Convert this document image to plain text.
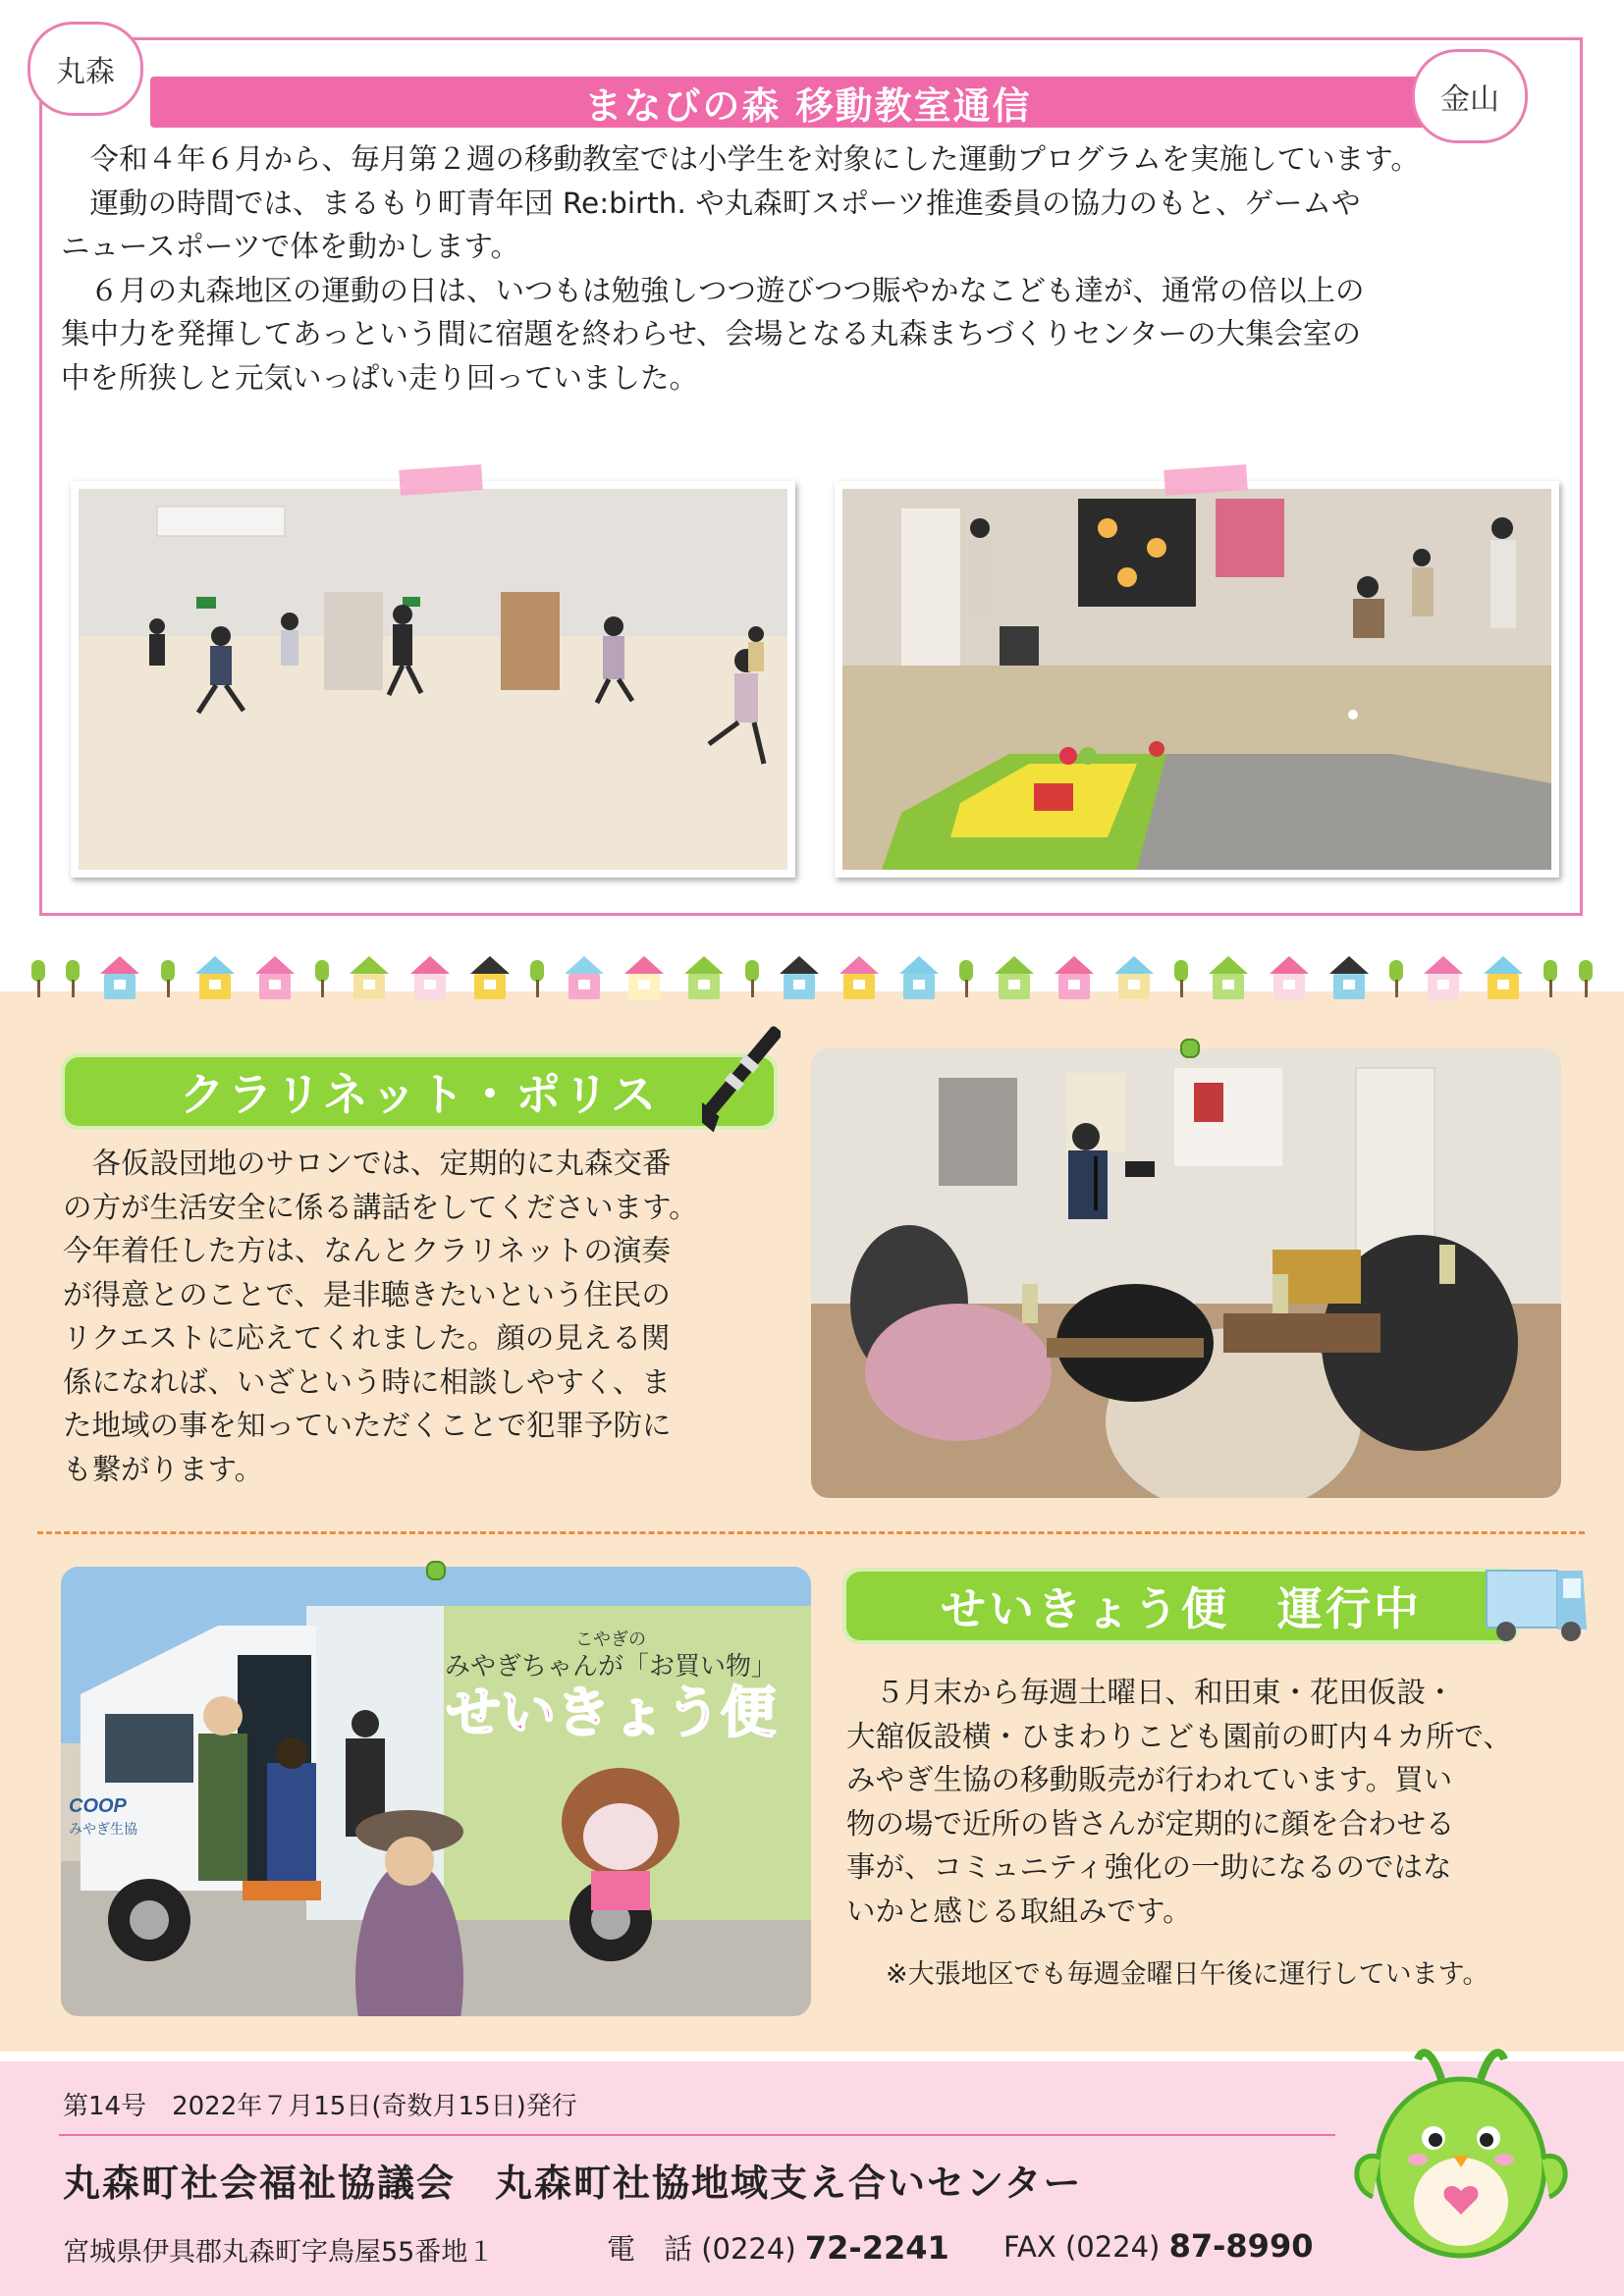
まなびの森 移動教室通信
丸森
金山

　令和４年６月から、毎月第２週の移動教室では小学生を対象にした運動プログラムを実施しています。

　運動の時間では、まるもり町青年団 Re:birth. や丸森町スポーツ推進委員の協力のもと、ゲームや

ニュースポーツで体を動かします。

　６月の丸森地区の運動の日は、いつもは勉強しつつ遊びつつ賑やかなこども達が、通常の倍以上の

集中力を発揮してあっという間に宿題を終わらせ、会場となる丸森まちづくりセンターの大集会室の

中を所狭しと元気いっぱい走り回っていました。

クラリネット・ポリス

　各仮設団地のサロンでは、定期的に丸森交番

の方が生活安全に係る講話をしてくださいます。

今年着任した方は、なんとクラリネットの演奏

が得意とのことで、是非聴きたいという住民の

リクエストに応えてくれました。顔の見える関

係になれば、いざという時に相談しやすく、ま

た地域の事を知っていただくことで犯罪予防に

も繋がります。

こやぎの
みやぎちゃんが「お買い物」
せいきょう便
COOP
みやぎ生協
せいきょう便　運行中

　５月末から毎週土曜日、和田東・花田仮設・

大舘仮設横・ひまわりこども園前の町内４カ所で、

みやぎ生協の移動販売が行われています。買い

物の場で近所の皆さんが定期的に顔を合わせる

事が、コミュニティ強化の一助になるのではな

いかと感じる取組みです。

※大張地区でも毎週金曜日午後に運行しています。

第14号　2022年７月15日(奇数月15日)発行
丸森町社会福祉協議会　丸森町社協地域支え合いセンター
宮城県伊具郡丸森町字鳥屋55番地１	電　話 (0224) 72-2241 FAX (0224) 87-8990
